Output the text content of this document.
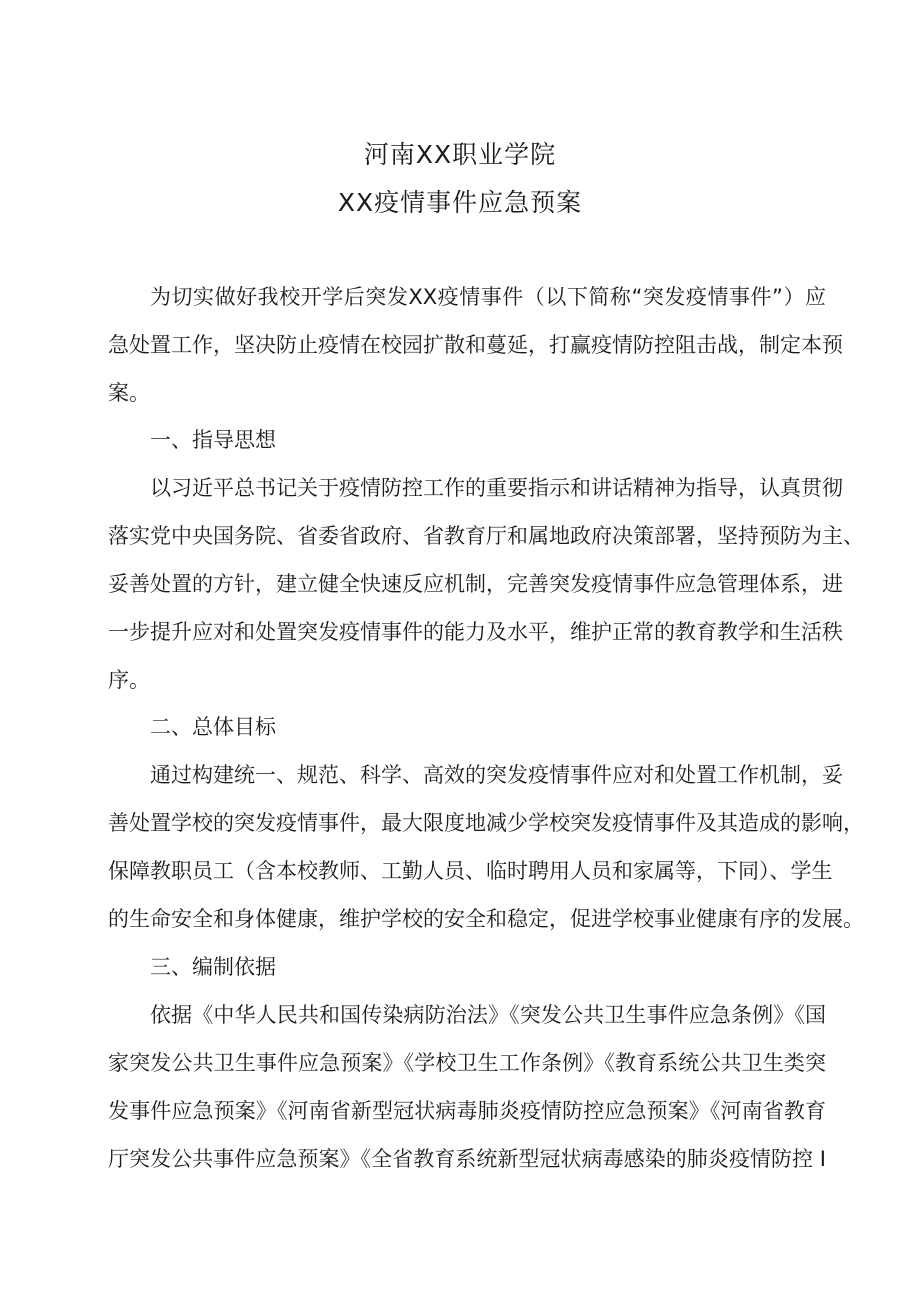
河南XX职业学院
XX疫情事件应急预案
为切实做好我校开学后突发XX疫情事件（以下简称“突发疫情事件”）应
急处置工作，坚决防止疫情在校园扩散和蔓延，打赢疫情防控阻击战，制定本预
案。
一、指导思想
以习近平总书记关于疫情防控工作的重要指示和讲话精神为指导，认真贯彻
落实党中央国务院、省委省政府、省教育厅和属地政府决策部署，坚持预防为主、
妥善处置的方针，建立健全快速反应机制，完善突发疫情事件应急管理体系，进
一步提升应对和处置突发疫情事件的能力及水平，维护正常的教育教学和生活秩
序。
二、总体目标
通过构建统一、规范、科学、高效的突发疫情事件应对和处置工作机制，妥
善处置学校的突发疫情事件，最大限度地减少学校突发疫情事件及其造成的影响，
保障教职员工（含本校教师、工勤人员、临时聘用人员和家属等，下同）、学生
的生命安全和身体健康，维护学校的安全和稳定，促进学校事业健康有序的发展。
三、编制依据
依据《中华人民共和国传染病防治法》《突发公共卫生事件应急条例》《国
家突发公共卫生事件应急预案》《学校卫生工作条例》《教育系统公共卫生类突
发事件应急预案》《河南省新型冠状病毒肺炎疫情防控应急预案》《河南省教育
厅突发公共事件应急预案》《全省教育系统新型冠状病毒感染的肺炎疫情防控 I
